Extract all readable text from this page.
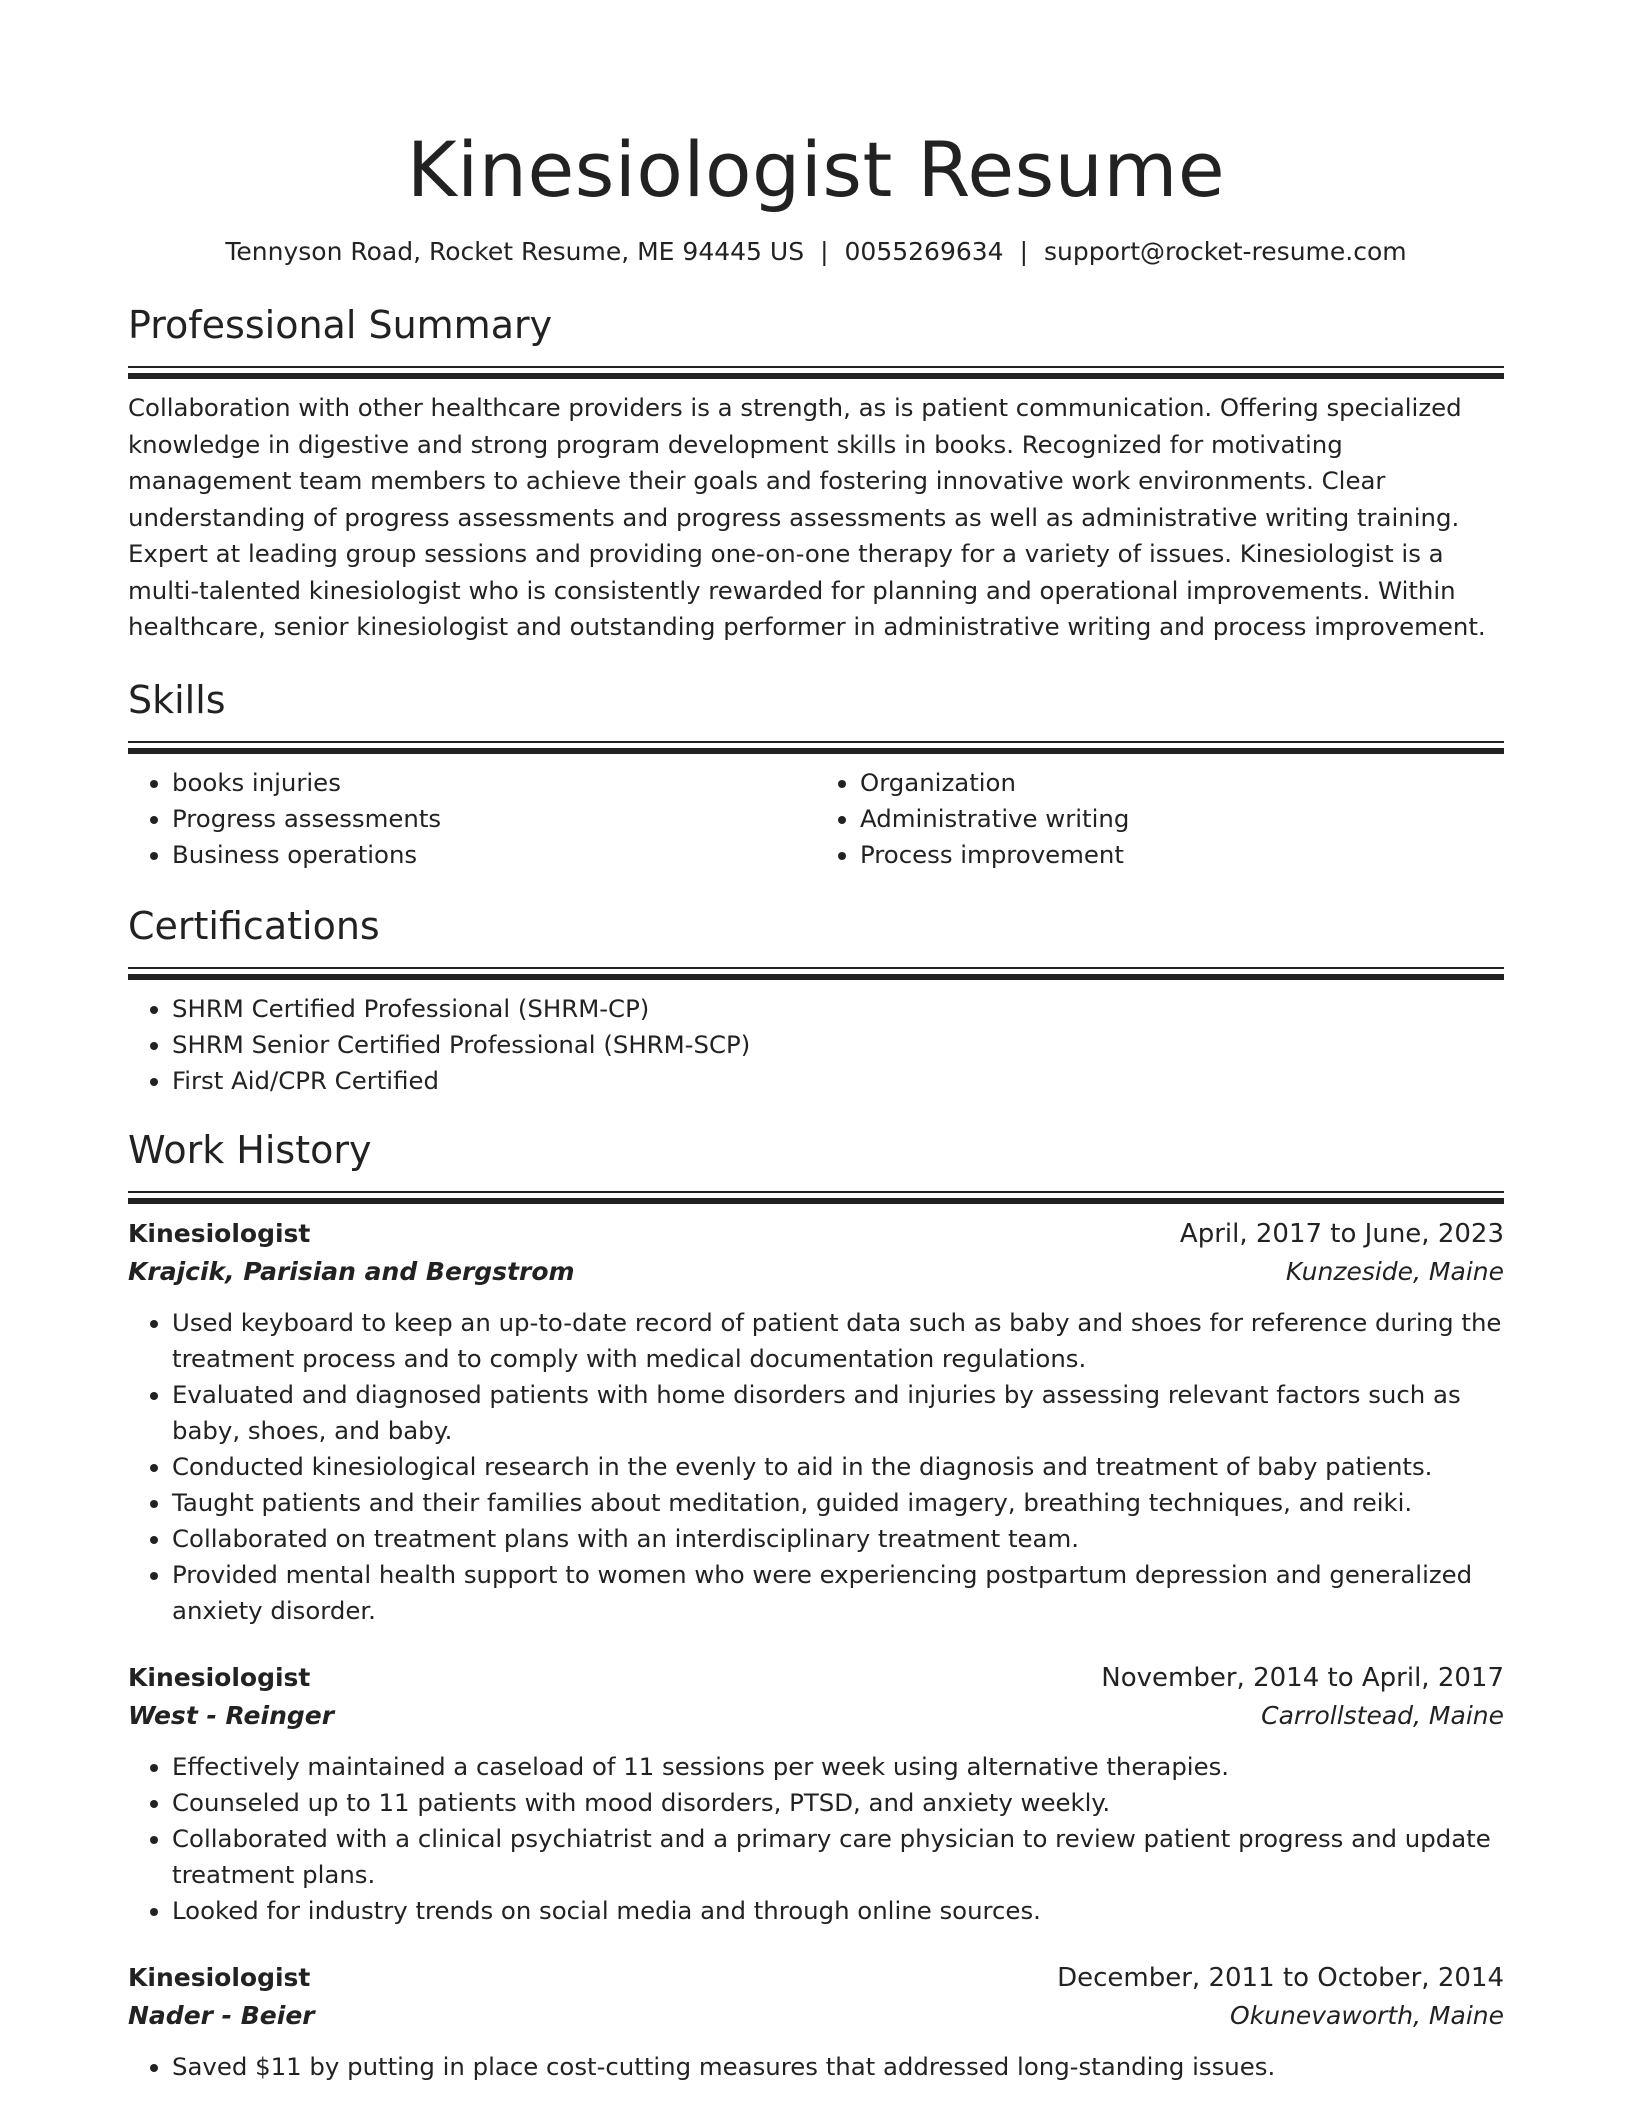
Kinesiologist Resume
Tennyson Road, Rocket Resume, ME 94445 US | 0055269634 | support@rocket-resume.com
Professional Summary

Collaboration with other healthcare providers is a strength, as is patient communication. Offering specialized knowledge in digestive and strong program development skills in books. Recognized for motivating management team members to achieve their goals and fostering innovative work environments. Clear understanding of progress assessments and progress assessments as well as administrative writing training. Expert at leading group sessions and providing one-on-one therapy for a variety of issues. Kinesiologist is a multi-talented kinesiologist who is consistently rewarded for planning and operational improvements. Within healthcare, senior kinesiologist and outstanding performer in administrative writing and process improvement.

Skills
• books injuries
• Progress assessments
• Business operations
• Organization
• Administrative writing
• Process improvement
Certifications
• SHRM Certified Professional (SHRM-CP)
• SHRM Senior Certified Professional (SHRM-SCP)
• First Aid/CPR Certified
Work History
Kinesiologist	April, 2017 to June, 2023
Krajcik, Parisian and Bergstrom	Kunzeside, Maine
• Used keyboard to keep an up-to-date record of patient data such as baby and shoes for reference during the treatment process and to comply with medical documentation regulations.
• Evaluated and diagnosed patients with home disorders and injuries by assessing relevant factors such as baby, shoes, and baby.
• Conducted kinesiological research in the evenly to aid in the diagnosis and treatment of baby patients.
• Taught patients and their families about meditation, guided imagery, breathing techniques, and reiki.
• Collaborated on treatment plans with an interdisciplinary treatment team.
• Provided mental health support to women who were experiencing postpartum depression and generalized anxiety disorder.
Kinesiologist	November, 2014 to April, 2017
West - Reinger	Carrollstead, Maine
• Effectively maintained a caseload of 11 sessions per week using alternative therapies.
• Counseled up to 11 patients with mood disorders, PTSD, and anxiety weekly.
• Collaborated with a clinical psychiatrist and a primary care physician to review patient progress and update treatment plans.
• Looked for industry trends on social media and through online sources.
Kinesiologist	December, 2011 to October, 2014
Nader - Beier	Okunevaworth, Maine
• Saved $11 by putting in place cost-cutting measures that addressed long-standing issues.
